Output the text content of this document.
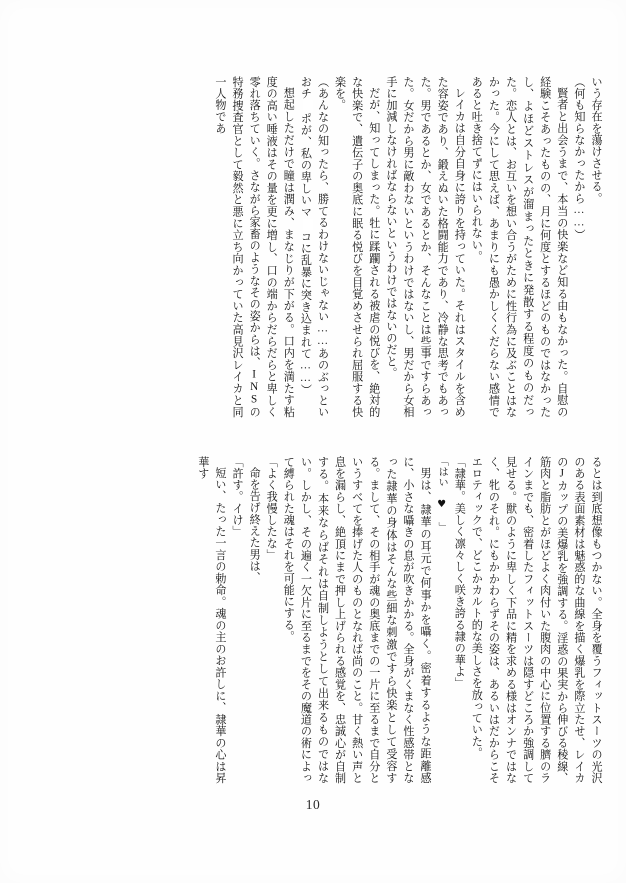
いう存在を蕩けさせる。

（何も知らなかったから……）

賢者と出会うまで、本当の快楽など知る由もなかった。自慰の経験こそあったものの、月に何度とするほどのものではなかったし、よほどストレスが溜まったときに発散する程度のものだった。恋人とは、お互いを想い合うがために性行為に及ぶことはなかった。今にして思えば、あまりにも愚かしくくだらない感情であると吐き捨てずにはいられない。

レイカは自分自身に誇りを持っていた。それはスタイルを含めた容姿であり、鍛えぬいた格闘能力であり、冷静な思考でもあった。男であるとか、女であるとか、そんなことは些事ですらあった。女だから男に敵わないというわけではないし、男だから女相手に加減しなければならないというわけではないのだと。

だが、知ってしまった。牡に蹂躙される被虐の悦びを、絶対的な快楽で、遺伝子の奥底に眠る悦びを目覚めさせられ屈服する快楽を。

（あんなの知ったら、勝てるわけないじゃない……あのぶっといおチポが、私の卑しいマコに乱暴に突き込まれて……）

想起しただけで瞳は潤み、まなじりが下がる。口内を満たす粘度の高い唾液はその量を更に増し、口の端からだらだらと卑しく零れ落ちていく。さながら家畜のようなその姿からは、INSの特務捜査官として毅然と悪に立ち向かっていた高見沢レイカと同一人物であ

るとは到底想像もつかない。全身を覆うフィットスーツの光沢のある表面素材は魅惑的な曲線を描く爆乳を際立たせ、レイカのJカップの美爆乳を強調する。淫惑の果実から伸びる稜線、筋肉と脂肪とがほどよく肉付いた腹肉の中心に位置する臍のラインまでも、密着したフィットスーツは隠すどころか強調して見せる。獣のように卑しく下品に精を求める様はオンナではなく、牝のそれ。にもかかわらずその姿は、あるいはだからこそエロティックで、どこかカルト的な美しさを放っていた。

「隷華。美しく凛々しく咲き誇る隷の華よ」

「はい ♥ 」

男は、隷華の耳元で何事かを囁く。密着するような距離感に、小さな囁きの息が吹きかかる。全身がくまなく性感帯となった隷華の身体はそんな些細な刺激ですら快楽として受容する。まして、その相手が魂の奥底までの一片に至るまで自分というすべてを捧げた人のものとなれば尚のこと。甘く熱い声と息を漏らし、絶頂にまで押し上げられる感覚を、忠誠心が自制する。本来ならばそれは自制しようとして出来るものではない。しかし、その遍く一欠片に至るまでをその魔道の術によって縛られた魂はそれを可能にする。

「よく我慢したな」

命を告げ終えた男は、

「許す。イけ」

短い、たった一言の勅命。魂の主のお許しに、隷華の心は昇華す

10
